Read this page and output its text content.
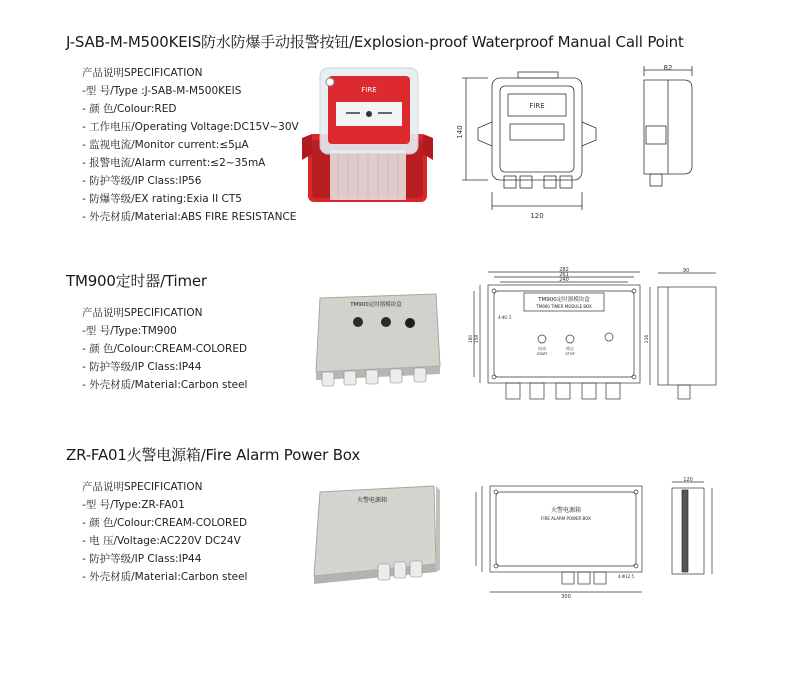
J-SAB-M-M500KEIS防水防爆手动报警按钮/Explosion-proof Waterproof Manual Call Point
产品说明SPECIFICATION
-型 号/Type :J-SAB-M-M500KEIS
- 颜 色/Colour:RED
- 工作电压/Operating Voltage:DC15V~30V
- 监视电流/Monitor current:≤5μA
- 报警电流/Alarm current:≤2~35mA
- 防护等级/IP Class:IP56
- 防爆等级/EX rating:Exia II CT5
- 外壳材质/Material:ABS FIRE RESISTANCE
FIRE
FIRE
140
120
82
TM900定时器/Timer
产品说明SPECIFICATION
-型 号/Type:TM900
- 颜 色/Colour:CREAM-COLORED
- 防护等级/IP Class:IP44
- 外壳材质/Material:Carbon steel
TM900定时器模块盒
282
261
240
TM900定时器模块盒
TM900 TIMER MODULE BOX
启动
START
停止
STOP
4-Φ2.5
180 158
90
216
ZR-FA01火警电源箱/Fire Alarm Power Box
产品说明SPECIFICATION
-型 号/Type:ZR-FA01
- 颜 色/Colour:CREAM-COLORED
- 电 压/Voltage:AC220V DC24V
- 防护等级/IP Class:IP44
- 外壳材质/Material:Carbon steel
火警电源箱
火警电源箱
FIRE ALARM POWER BOX
300
120
4-Φ12.5
